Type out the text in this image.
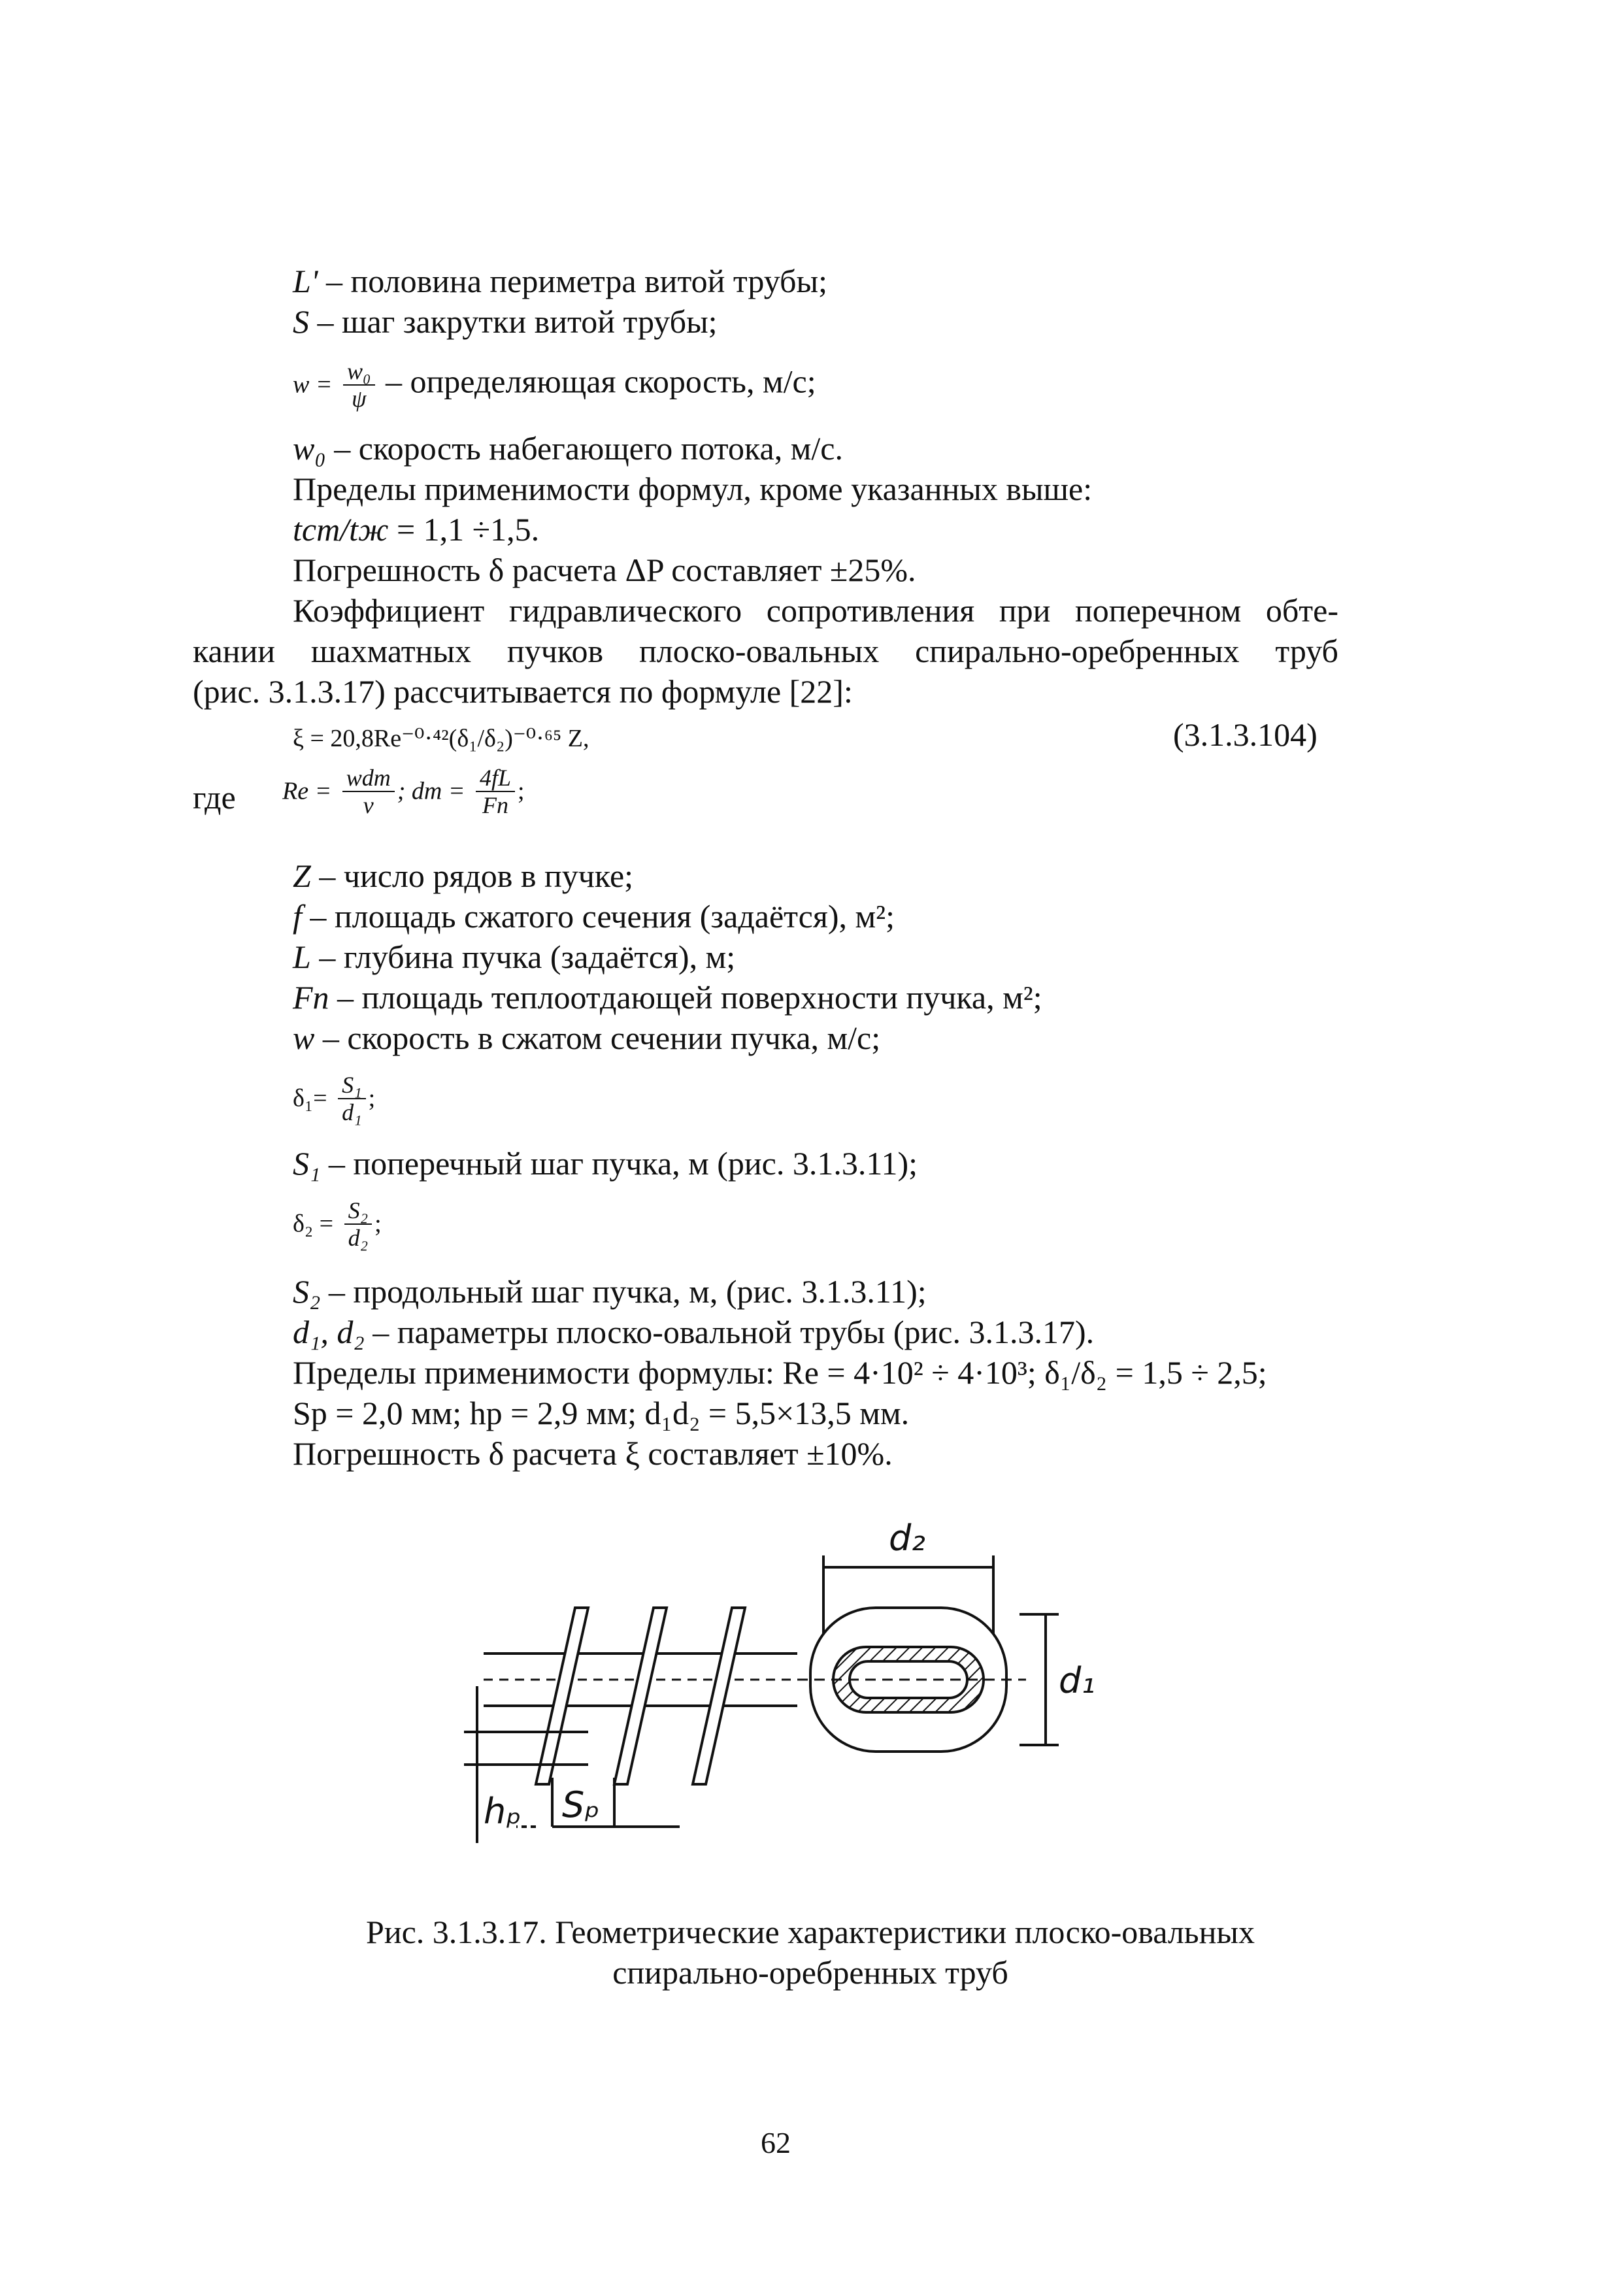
L' – половина периметра витой трубы;
S – шаг закрутки витой трубы;
$w = \frac{\text{w₀}}{\psi}$ – определяющая скорость, м/с;
w₀ – скорость набегающего потока, м/с.
Пределы применимости формул, кроме указанных выше:
tст/tж = 1,1 ÷1,5.
Погрешность δ расчета ΔP составляет ±25%.
Коэффициент гидравлического сопротивления при поперечном обте-
кании шахматных пучков плоско-овальных спирально-оребренных труб
(рис. 3.1.3.17) рассчитывается по формуле [22]:
ξ = 20,8Re⁻⁰·⁴²(δ₁/δ₂)⁻⁰·⁶⁵ Z,	(3.1.3.104)
где $Re = \frac{\text{wdт}}{\nu}$ ; dт = $\frac{4fL}{Fп}$ ;
Z – число рядов в пучке;
f – площадь сжатого сечения (задаётся), м²;
L – глубина пучка (задаётся), м;
Fп – площадь теплоотдающей поверхности пучка, м²;
w – скорость в сжатом сечении пучка, м/с;
$\delta_1= \frac{\text{S₁}}{\text{d₁}}$ ;
S₁ – поперечный шаг пучка, м (рис. 3.1.3.11);
$\delta_2 = \frac{\text{S₂}}{\text{d₂}}$ ;
S₂ – продольный шаг пучка, м, (рис. 3.1.3.11);
d₁, d₂ – параметры плоско-овальной трубы (рис. 3.1.3.17).
Пределы применимости формулы: Re = 4·10² ÷ 4·10³; δ₁/δ₂ = 1,5 ÷ 2,5;
Sр = 2,0 мм; hр = 2,9 мм; d₁d₂ = 5,5×13,5 мм.
Погрешность δ расчета ξ составляет ±10%.
d₂
d₁
hₚ Sₚ
Рис. 3.1.3.17. Геометрические характеристики плоско-овальных
спирально-оребренных труб
62
